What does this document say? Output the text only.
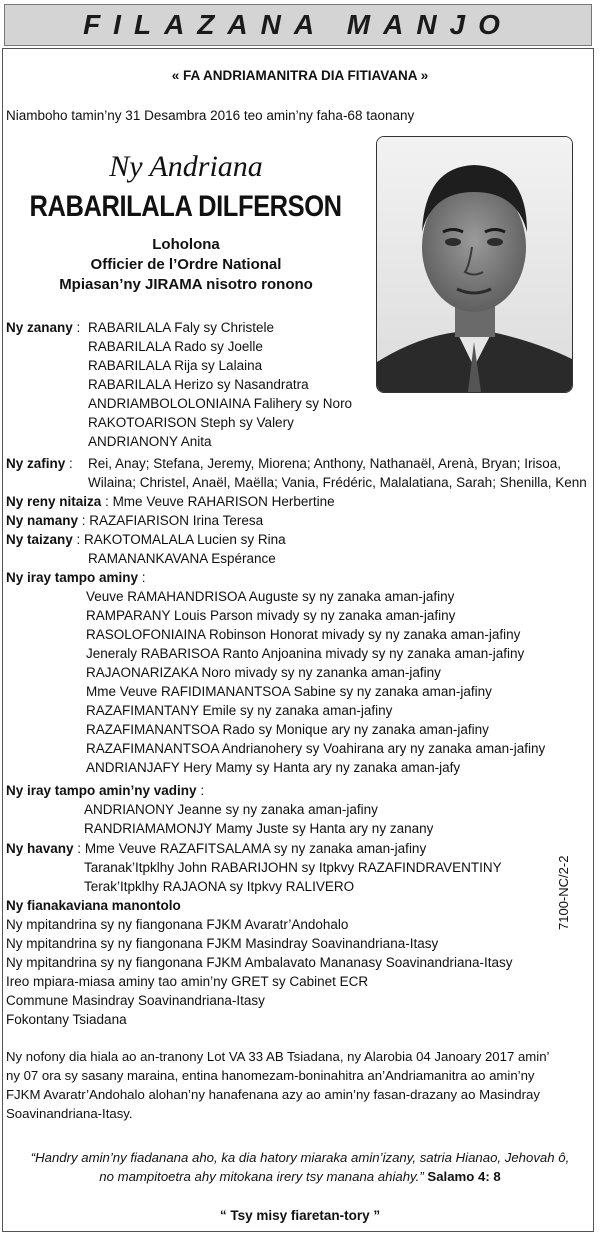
FILAZANA MANJO
« FA ANDRIAMANITRA DIA FITIAVANA »
Niamboho tamin’ny 31 Desambra 2016 teo amin’ny faha-68 taonany
Ny Andriana
RABARILALA DILFERSON
Loholona
Officier de l’Ordre National
Mpiasan’ny JIRAMA nisotro ronono
Ny zanany : RABARILALA Faly sy Christele
RABARILALA Rado sy Joelle
RABARILALA Rija sy Lalaina
RABARILALA Herizo sy Nasandratra
ANDRIAMBOLOLONIAINA Falihery sy Noro
RAKOTOARISON Steph sy Valery
ANDRIANONY Anita
Ny zafiny : Rei, Anay; Stefana, Jeremy, Miorena; Anthony, Nathanaël, Arenà, Bryan; Irisoa,
Wilaina; Christel, Anaël, Maëlla; Vania, Frédéric, Malalatiana, Sarah; Shenilla, Kenn
Ny reny nitaiza : Mme Veuve RAHARISON Herbertine
Ny namany : RAZAFIARISON Irina Teresa
Ny taizany : RAKOTOMALALA Lucien sy Rina
RAMANANKAVANA Espérance
Ny iray tampo aminy :
Veuve RAMAHANDRISOA Auguste sy ny zanaka aman-jafiny
RAMPARANY Louis Parson mivady sy ny zanaka aman-jafiny
RASOLOFONIAINA Robinson Honorat mivady sy ny zanaka aman-jafiny
Jeneraly RABARISOA Ranto Anjoanina mivady sy ny zanaka aman-jafiny
RAJAONARIZAKA Noro mivady sy ny zananka aman-jafiny
Mme Veuve RAFIDIMANANTSOA Sabine sy ny zanaka aman-jafiny
RAZAFIMANTANY Emile sy ny zanaka aman-jafiny
RAZAFIMANANTSOA Rado sy Monique ary ny zanaka aman-jafiny
RAZAFIMANANTSOA Andrianohery sy Voahirana ary ny zanaka aman-jafiny
ANDRIANJAFY Hery Mamy sy Hanta ary ny zanaka aman-jafy
Ny iray tampo amin’ny vadiny :
ANDRIANONY Jeanne sy ny zanaka aman-jafiny
RANDRIAMAMONJY Mamy Juste sy Hanta ary ny zanany
Ny havany : Mme Veuve RAZAFITSALAMA sy ny zanaka aman-jafiny
Taranak’Itpklhy John RABARIJOHN sy Itpkvy RAZAFINDRAVENTINY
Terak’Itpklhy RAJAONA sy Itpkvy RALIVERO
Ny fianakaviana manontolo
Ny mpitandrina sy ny fiangonana FJKM Avaratr’Andohalo
Ny mpitandrina sy ny fiangonana FJKM Masindray Soavinandriana-Itasy
Ny mpitandrina sy ny fiangonana FJKM Ambalavato Mananasy Soavinandriana-Itasy
Ireo mpiara-miasa aminy tao amin’ny GRET sy Cabinet ECR
Commune Masindray Soavinandriana-Itasy
Fokontany Tsiadana
7100-NC/2-2
Ny nofony dia hiala ao an-tranony Lot VA 33 AB Tsiadana, ny Alarobia 04 Janoary 2017 amin’
ny 07 ora sy sasany maraina, entina hanomezam-boninahitra an’Andriamanitra ao amin’ny
FJKM Avaratr’Andohalo alohan’ny hanafenana azy ao amin’ny fasan-drazany ao Masindray
Soavinandriana-Itasy.
“Handry amin’ny fiadanana aho, ka dia hatory miaraka amin’izany, satria Hianao, Jehovah ô,
no mampitoetra ahy mitokana irery tsy manana ahiahy.” Salamo 4: 8
“ Tsy misy fiaretan-tory ”
